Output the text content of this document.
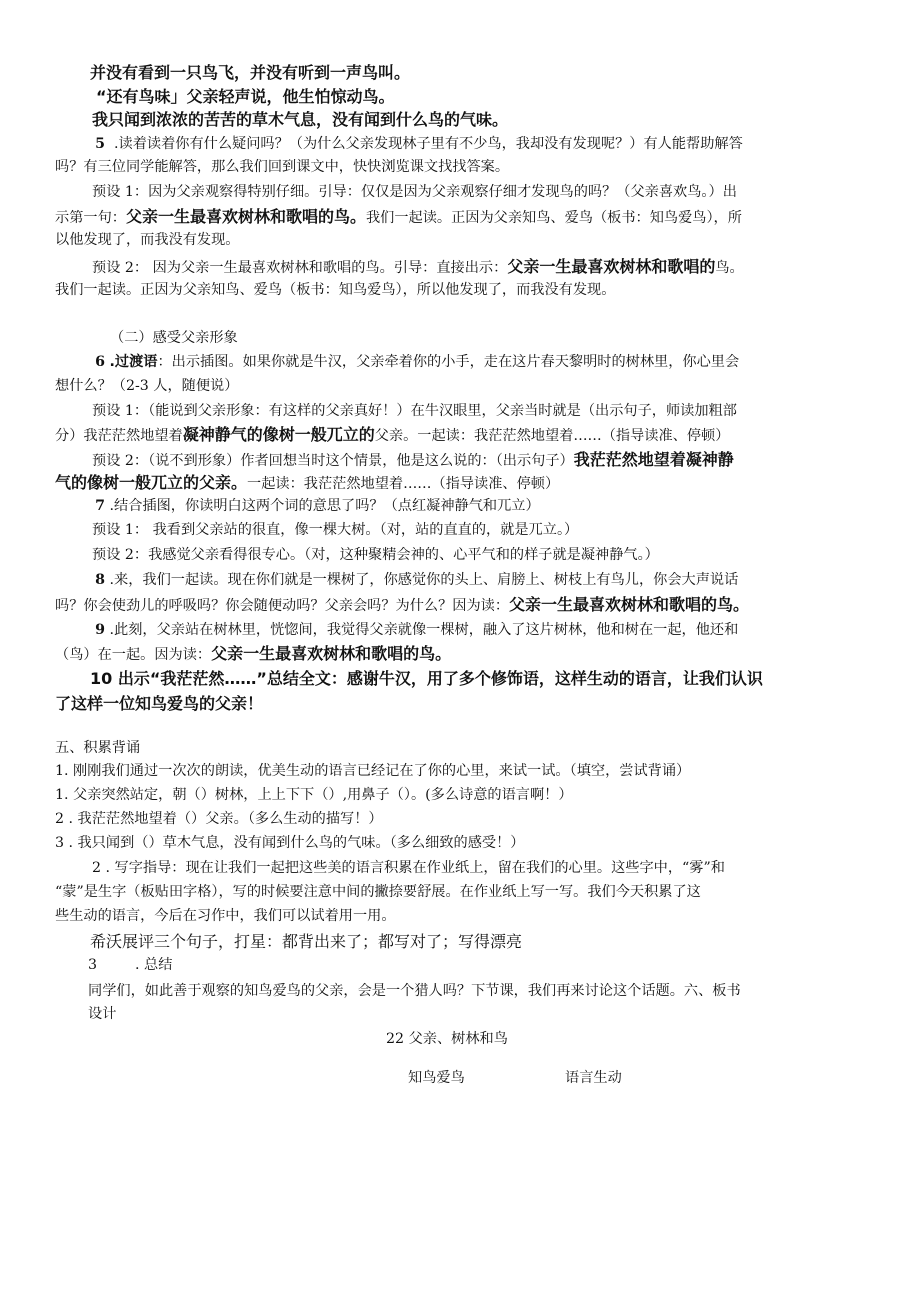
并没有看到一只鸟飞，并没有听到一声鸟叫。
“还有鸟味」父亲轻声说，他生怕惊动鸟。
我只闻到浓浓的苦苦的草木气息，没有闻到什么鸟的气味。
5 .读着读着你有什么疑问吗？（为什么父亲发现林子里有不少鸟，我却没有发现呢？）有人能帮助解答
吗？有三位同学能解答，那么我们回到课文中，快快浏览课文找找答案。
预设 1：因为父亲观察得特别仔细。引导：仅仅是因为父亲观察仔细才发现鸟的吗？（父亲喜欢鸟。）出
示第一句：父亲一生最喜欢树林和歌唱的鸟。我们一起读。正因为父亲知鸟、爱鸟（板书：知鸟爱鸟），所
以他发现了，而我没有发现。
预设 2： 因为父亲一生最喜欢树林和歌唱的鸟。引导：直接出示：父亲一生最喜欢树林和歌唱的鸟。
我们一起读。正因为父亲知鸟、爱鸟（板书：知鸟爱鸟），所以他发现了，而我没有发现。
（二）感受父亲形象
6 .过渡语：出示插图。如果你就是牛汉，父亲牵着你的小手，走在这片春天黎明时的树林里，你心里会
想什么？（2-3 人，随便说）
预设 1：（能说到父亲形象：有这样的父亲真好！）在牛汉眼里，父亲当时就是（出示句子，师读加粗部
分）我茫茫然地望着凝神静气的像树一般兀立的父亲。一起读：我茫茫然地望着……（指导读准、停顿）
预设 2：（说不到形象）作者回想当时这个情景，他是这么说的：（出示句子）我茫茫然地望着凝神静
气的像树一般兀立的父亲。一起读：我茫茫然地望着……（指导读准、停顿）
7 .结合插图，你读明白这两个词的意思了吗？（点红凝神静气和兀立）
预设 1： 我看到父亲站的很直，像一棵大树。（对，站的直直的，就是兀立。）
预设 2：我感觉父亲看得很专心。（对，这种聚精会神的、心平气和的样子就是凝神静气。）
8 .来，我们一起读。现在你们就是一棵树了，你感觉你的头上、肩膀上、树枝上有鸟儿，你会大声说话
吗？你会使劲儿的呼吸吗？你会随便动吗？父亲会吗？为什么？因为读：父亲一生最喜欢树林和歌唱的鸟。
9 .此刻，父亲站在树林里，恍惚间，我觉得父亲就像一棵树，融入了这片树林，他和树在一起，他还和
（鸟）在一起。因为读：父亲一生最喜欢树林和歌唱的鸟。
10 出示“我茫茫然……”总结全文：感谢牛汉，用了多个修饰语，这样生动的语言，让我们认识
了这样一位知鸟爱鸟的父亲！
五、积累背诵
1. 刚刚我们通过一次次的朗读，优美生动的语言已经记在了你的心里，来试一试。（填空，尝试背诵）
1. 父亲突然站定，朝（）树林，上上下下（）,用鼻子（）。(多么诗意的语言啊！）
2 . 我茫茫然地望着（）父亲。（多么生动的描写！）
3 . 我只闻到（）草木气息，没有闻到什么鸟的气味。（多么细致的感受！）
2 . 写字指导：现在让我们一起把这些美的语言积累在作业纸上，留在我们的心里。这些字中，“雾”和
“蒙”是生字（板贴田字格），写的时候要注意中间的撇捺要舒展。在作业纸上写一写。我们今天积累了这
些生动的语言，今后在习作中，我们可以试着用一用。
希沃展评三个句子，打星：都背出来了；都写对了；写得漂亮
3	. 总结
同学们，如此善于观察的知鸟爱鸟的父亲，会是一个猎人吗？下节课，我们再来讨论这个话题。六、板书
设计
22 父亲、树林和鸟
知鸟爱鸟	语言生动
